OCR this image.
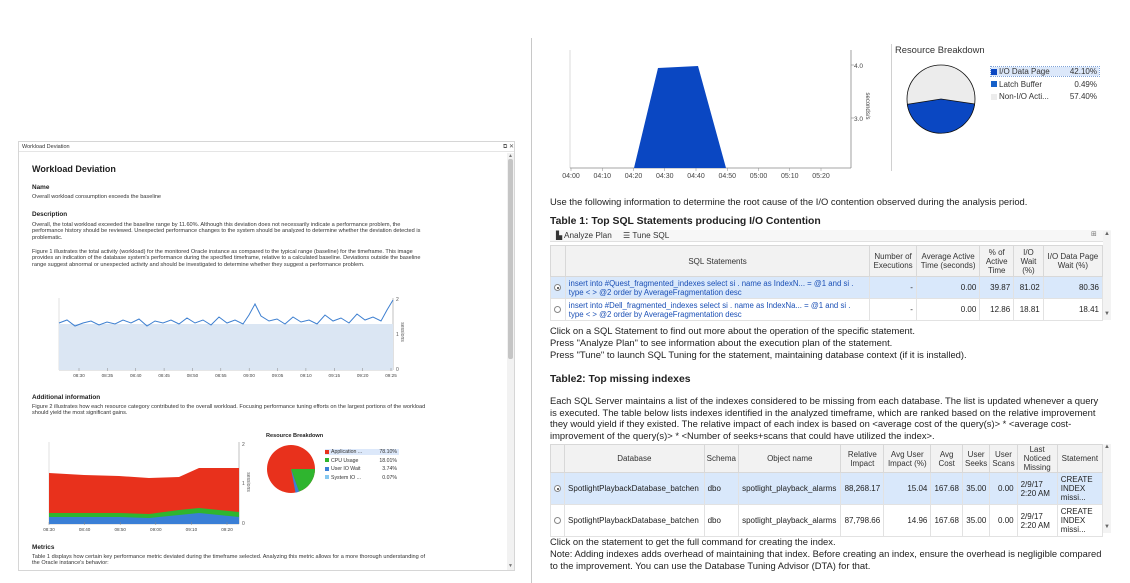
Workload Deviation	⧉ ✕
▲
▼
Workload Deviation
Name
Overall workload consumption exceeds the baseline
Description
Overall, the total workload exceeded the baseline range by 11.60%. Although this deviation does not necessarily indicate a performance problem, the performance history should be reviewed. Unexpected performance changes to the system should be analyzed to determine whether the deviation detected is problematic.
Figure 1 illustrates the total activity (workload) for the monitored Oracle instance as compared to the typical range (baseline) for the timeframe. This image provides an indication of the database system's performance during the specified timeframe, relative to a calculated baseline. Deviations outside the baseline range suggest abnormal or unexpected activity and should be investigated to determine whether they suggest a performance problem.
sessions
2
1
0
08:30	08:35	08:40	08:45	08:50	08:55	09:00	09:05	09:10	09:15	09:20	09:25
Additional information
Figure 2 illustrates how each resource category contributed to the overall workload. Focusing performance tuning efforts on the largest portions of the workload should yield the most significant gains.
sessions
2
1
0
08:30	08:40	08:50	09:00	09:10	09:20
Resource Breakdown
Application ...	78.10%
CPU Usage	18.01%
User IO Wait	3.74%
System IO ...	0.07%
Metrics
Table 1 displays how certain key performance metric deviated during the timeframe selected. Analyzing this metric allows for a more thorough understanding of the Oracle instance's behavior:
seconds/s
4.0
3.0
04:00 04:10 04:20 04:30 04:40 04:50 05:00 05:10 05:20
Resource Breakdown
I/O Data Page	42.10%
Latch Buffer	0.49%
Non-I/O Acti...	57.40%
Use the following information to determine the root cause of the I/O contention observed during the analysis period.
Table 1: Top SQL Statements producing I/O Contention
▙ Analyze Plan ☰ Tune SQL	⊞
	SQL Statements	Number of Executions	Average Active Time (seconds)	% of Active Time	I/O Wait (%)	I/O Data Page Wait (%)
	insert into #Quest_fragmented_indexes select si . name as IndexN... = @1 and si . type < > @2 order by AverageFragmentation desc	-	0.00	39.87	81.02	80.36
	insert into #Dell_fragmented_indexes select si . name as IndexNa... = @1 and si . type < > @2 order by AverageFragmentation desc	-	0.00	12.86	18.81	18.41
▲
▼
Click on a SQL Statement to find out more about the operation of the specific statement.
Press "Analyze Plan" to see information about the execution plan of the statement.
Press "Tune" to launch SQL Tuning for the statement, maintaining database context (if it is installed).
Table2: Top missing indexes
Each SQL Server maintains a list of the indexes considered to be missing from each database. The list is updated whenever a query is executed. The table below lists indexes identified in the analyzed timeframe, which are ranked based on the relative improvement they would yield if they existed. The relative impact of each index is based on <average cost of the query(s)> * <average cost-improvement of the query(s)> * <Number of seeks+scans that could have utilized the index>.
	Database	Schema	Object name	Relative Impact	Avg User Impact (%)	Avg Cost	User Seeks	User Scans	Last Noticed Missing	Statement
	SpotlightPlaybackDatabase_batchen	dbo	spotlight_playback_alarms	88,268.17	15.04	167.68	35.00	0.00	2/9/17 2:20 AM	CREATE INDEX missi...
	SpotlightPlaybackDatabase_batchen	dbo	spotlight_playback_alarms	87,798.66	14.96	167.68	35.00	0.00	2/9/17 2:20 AM	CREATE INDEX missi...
▲
▼
Click on the statement to get the full command for creating the index.
Note: Adding indexes adds overhead of maintaining that index. Before creating an index, ensure the overhead is negligible compared to the improvement. You can use the Database Tuning Advisor (DTA) for that.
